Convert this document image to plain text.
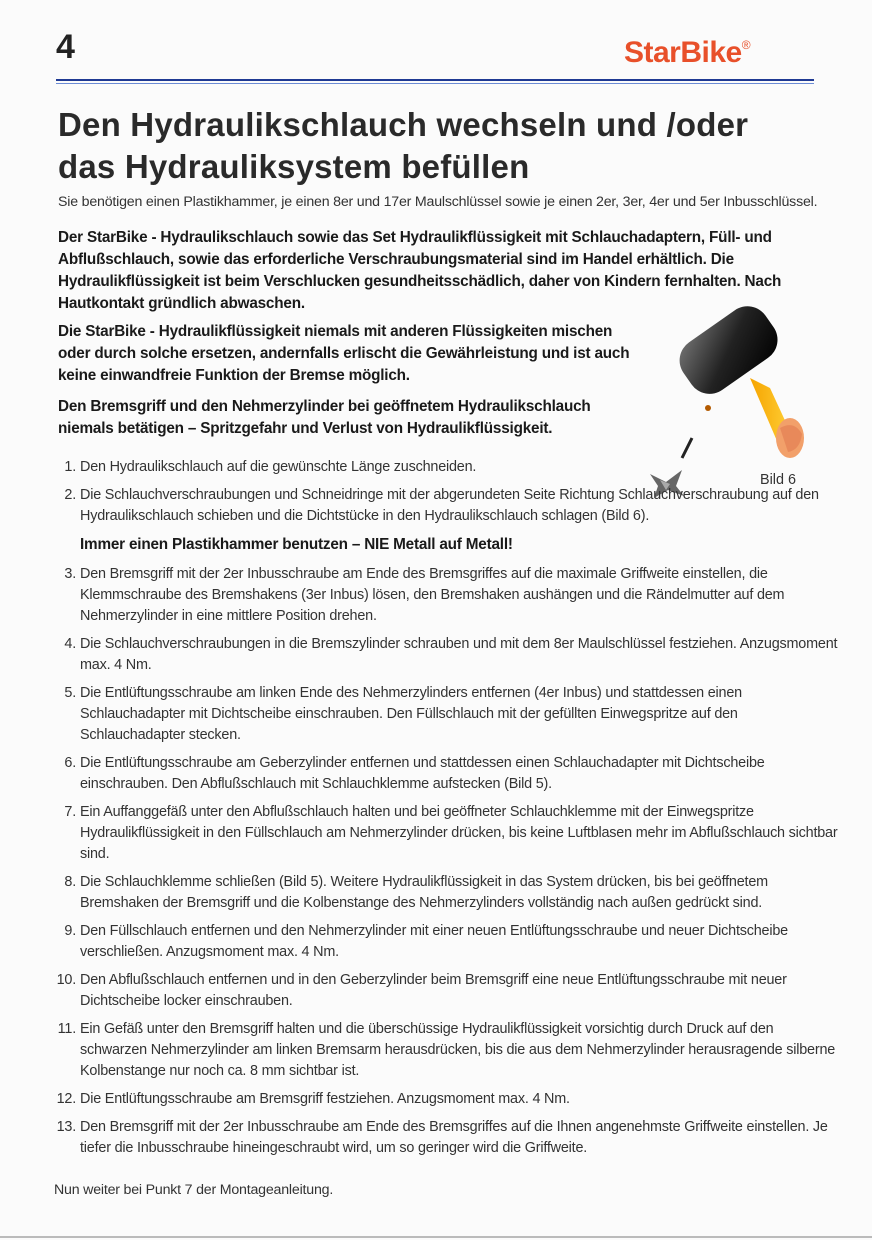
4	StarBike®
Den Hydraulikschlauch wechseln und /oder
das Hydrauliksystem befüllen
Sie benötigen einen Plastikhammer, je einen 8er und 17er Maulschlüssel sowie je einen 2er, 3er, 4er und 5er Inbusschlüssel.

Der StarBike - Hydraulikschlauch sowie das Set Hydraulikflüssigkeit mit Schlauchadaptern, Füll- und Abflußschlauch, sowie das erforderliche Verschraubungsmaterial sind im Handel erhältlich. Die Hydraulikflüssigkeit ist beim Verschlucken gesundheitsschädlich, daher von Kindern fernhalten. Nach Hautkontakt gründlich abwaschen.

Die StarBike - Hydraulikflüssigkeit niemals mit anderen Flüssigkeiten mischen oder durch solche ersetzen, andernfalls erlischt die Gewährleistung und ist auch keine einwandfreie Funktion der Bremse möglich.

Den Bremsgriff und den Nehmerzylinder bei geöffnetem Hydraulikschlauch niemals betätigen – Spritzgefahr und Verlust von Hydraulikflüssigkeit.

Bild 6
1. Den Hydraulikschlauch auf die gewünschte Länge zuschneiden.
2. Die Schlauchverschraubungen und Schneidringe mit der abgerundeten Seite Richtung Schlauchverschraubung auf den Hydraulikschlauch schieben und die Dichtstücke in den Hydraulikschlauch schlagen (Bild 6).
Immer einen Plastikhammer benutzen – NIE Metall auf Metall!
3. Den Bremsgriff mit der 2er Inbusschraube am Ende des Bremsgriffes auf die maximale Griffweite einstellen, die Klemmschraube des Bremshakens (3er Inbus) lösen, den Bremshaken aushängen und die Rändelmutter auf dem Nehmerzylinder in eine mittlere Position drehen.
4. Die Schlauchverschraubungen in die Bremszylinder schrauben und mit dem 8er Maulschlüssel festziehen. Anzugsmoment max. 4 Nm.
5. Die Entlüftungsschraube am linken Ende des Nehmerzylinders entfernen (4er Inbus) und stattdessen einen Schlauchadapter mit Dichtscheibe einschrauben. Den Füllschlauch mit der gefüllten Einwegspritze auf den Schlauchadapter stecken.
6. Die Entlüftungsschraube am Geberzylinder entfernen und stattdessen einen Schlauchadapter mit Dichtscheibe einschrauben. Den Abflußschlauch mit Schlauchklemme aufstecken (Bild 5).
7. Ein Auffanggefäß unter den Abflußschlauch halten und bei geöffneter Schlauchklemme mit der Einwegspritze Hydraulikflüssigkeit in den Füllschlauch am Nehmerzylinder drücken, bis keine Luftblasen mehr im Abflußschlauch sichtbar sind.
8. Die Schlauchklemme schließen (Bild 5). Weitere Hydraulikflüssigkeit in das System drücken, bis bei geöffnetem Bremshaken der Bremsgriff und die Kolbenstange des Nehmerzylinders vollständig nach außen gedrückt sind.
9. Den Füllschlauch entfernen und den Nehmerzylinder mit einer neuen Entlüftungsschraube und neuer Dichtscheibe verschließen. Anzugsmoment max. 4 Nm.
10. Den Abflußschlauch entfernen und in den Geberzylinder beim Bremsgriff eine neue Entlüftungsschraube mit neuer Dichtscheibe locker einschrauben.
11. Ein Gefäß unter den Bremsgriff halten und die überschüssige Hydraulikflüssigkeit vorsichtig durch Druck auf den schwarzen Nehmerzylinder am linken Bremsarm herausdrücken, bis die aus dem Nehmerzylinder herausragende silberne Kolbenstange nur noch ca. 8 mm sichtbar ist.
12. Die Entlüftungsschraube am Bremsgriff festziehen. Anzugsmoment max. 4 Nm.
13. Den Bremsgriff mit der 2er Inbusschraube am Ende des Bremsgriffes auf die Ihnen angenehmste Griffweite einstellen. Je tiefer die Inbusschraube hineingeschraubt wird, um so geringer wird die Griffweite.
Nun weiter bei Punkt 7 der Montageanleitung.
